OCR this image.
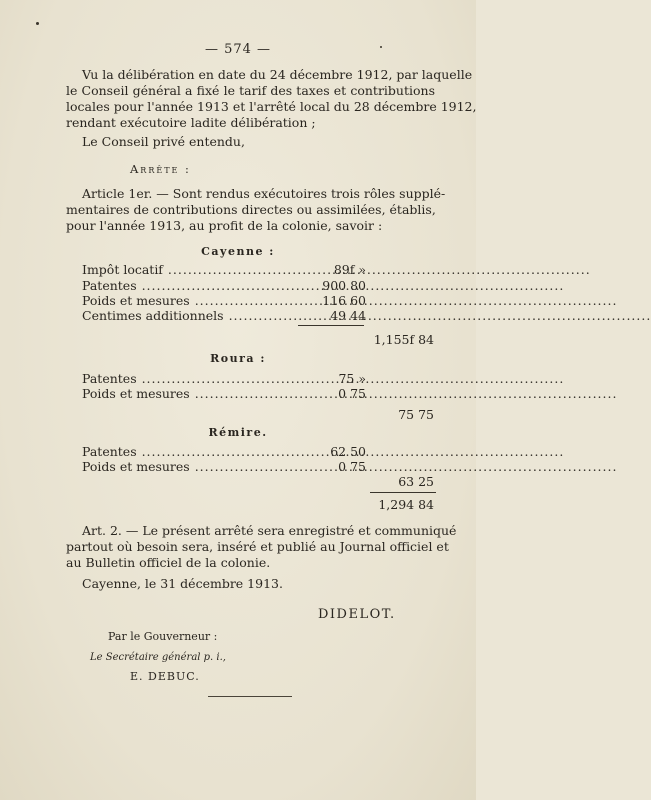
— 574 —
Vu la délibération en date du 24 décembre 1912, par laquelle
le Conseil général a fixé le tarif des taxes et contributions
locales pour l'année 1913 et l'arrêté local du 28 décembre 1912,
rendant exécutoire ladite délibération ;
Le Conseil privé entendu,
Arrête :
Article 1er. — Sont rendus exécutoires trois rôles supplé-
mentaires de contributions directes ou assimilées, établis,
pour l'année 1913, au profit de la colonie, savoir :
Cayenne :
Impôt locatif .....	89f »
Patentes .....	900 80
Poids et mesures .....	116 60
Centimes additionnels .....	49 44
1,155f 84
Roura :
Patentes .....	75 »
Poids et mesures .....	0 75
75 75
Rémire.
Patentes .....	62 50
Poids et mesures .....	0 75
63 25
1,294 84
Art. 2. — Le présent arrêté sera enregistré et communiqué
partout où besoin sera, inséré et publié au Journal officiel et
au Bulletin officiel de la colonie.
Cayenne, le 31 décembre 1913.
DIDELOT.
Par le Gouverneur :
Le Secrétaire général p. i.,
E. DEBUC.
